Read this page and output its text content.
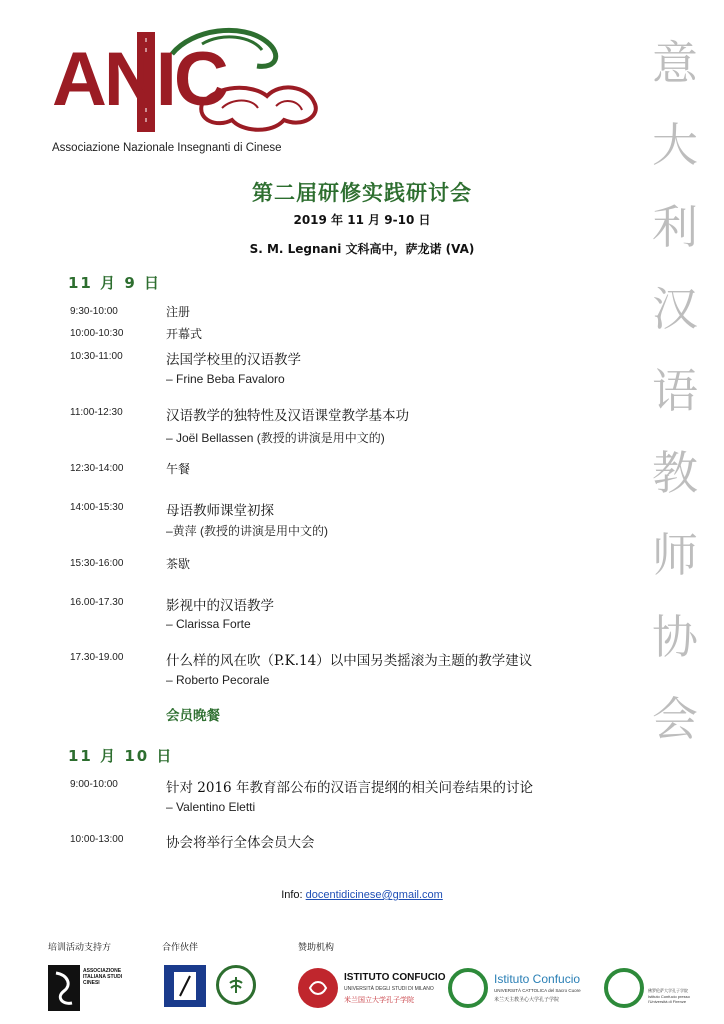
ANIC
Associazione Nazionale Insegnanti di Cinese
意
大
利
汉
语
教
师
协
会
第二届研修实践研讨会
2019 年 11 月 9-10 日
S. M. Legnani 文科高中，萨龙诺 (VA)
11 月 9 日
9:30-10:00	注册
10:00-10:30	开幕式
10:30-11:00	法国学校里的汉语教学
– Frine Beba Favaloro
11:00-12:30	汉语教学的独特性及汉语课堂教学基本功
– Joël Bellassen (教授的讲演是用中文的)
12:30-14:00	午餐
14:00-15:30	母语教师课堂初探
–黄萍 (教授的讲演是用中文的)
15:30-16:00	茶歇
16.00-17.30	影视中的汉语教学
– Clarissa Forte
17.30-19.00	什么样的风在吹（P.K.14）以中国另类摇滚为主题的教学建议
– Roberto Pecorale
会员晚餐
11 月 10 日
9:00-10:00	针对 2016 年教育部公布的汉语言提纲的相关问卷结果的讨论
– Valentino Eletti
10:00-13:00	协会将举行全体会员大会
Info: docentidicinese@gmail.com
培训活动支持方	合作伙伴	赞助机构
ASSOCIAZIONE ITALIANA STUDI CINESI	ISTITUTO CONFUCIO
UNIVERSITÀ DEGLI STUDI DI MILANO
米兰国立大学孔子学院
Istituto Confucio
UNIVERSITÀ CATTOLICA del Sacro Cuore
米兰天主教圣心大学孔子学院
佛罗伦萨大学孔子学院
Istituto Confucio presso l'Università di Firenze
